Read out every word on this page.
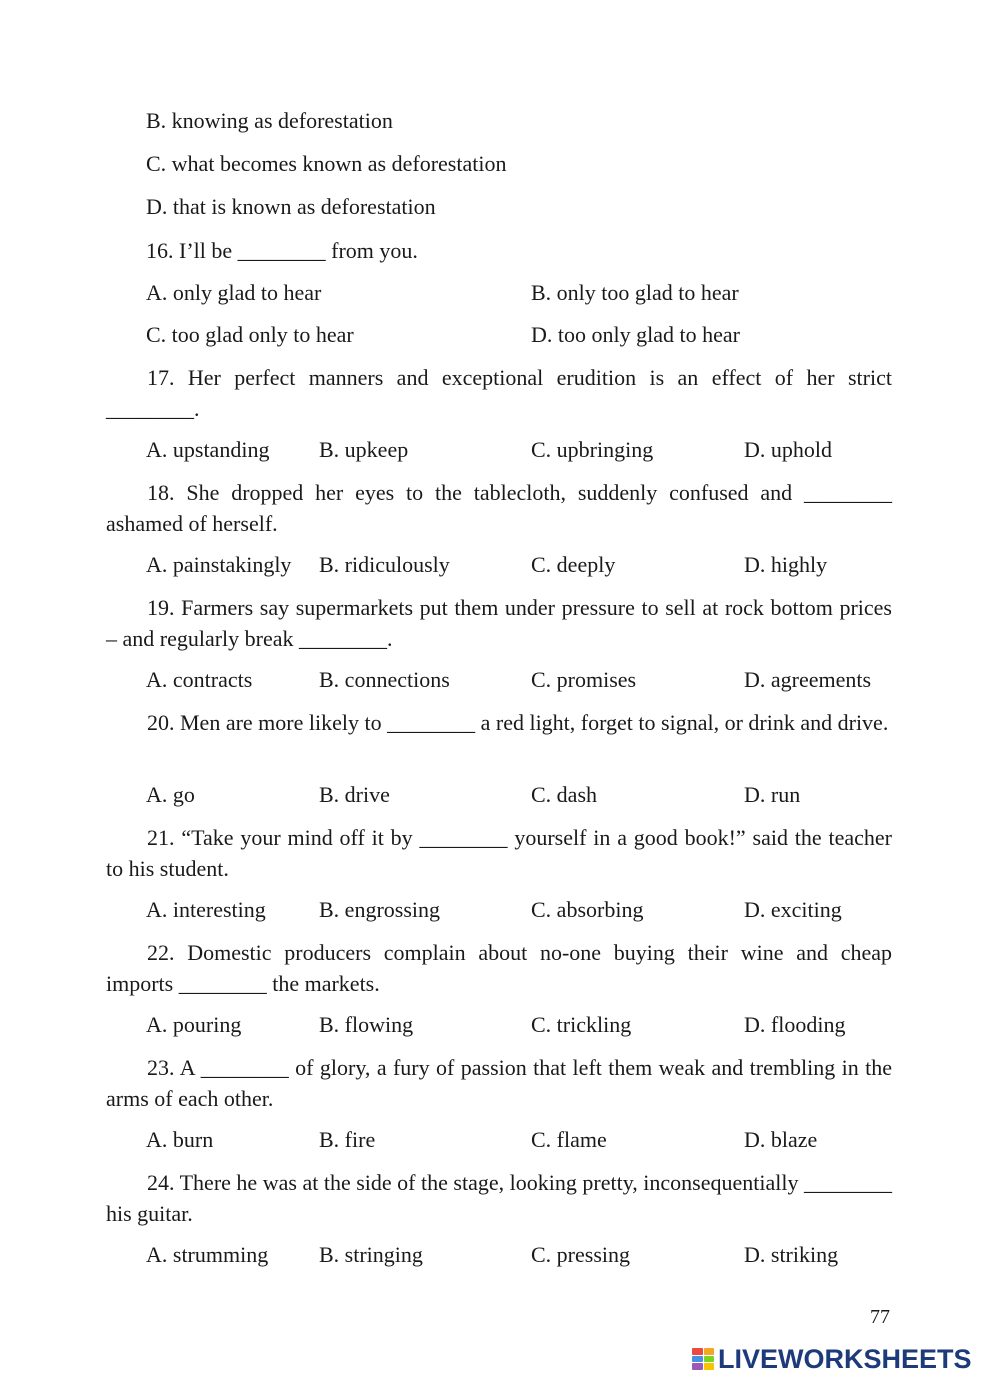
B. knowing as deforestation
C. what becomes known as deforestation
D. that is known as deforestation
16. I’ll be ________ from you.
A. only glad to hear	B. only too glad to hear
C. too glad only to hear	D. too only glad to hear
17. Her perfect manners and exceptional erudition is an effect of her strict ________.
A. upstanding B. upkeep	C. upbringing	D. uphold
18. She dropped her eyes to the tablecloth, suddenly confused and ________ ashamed of herself.
A. painstakingly B. ridiculously	C. deeply	D. highly
19. Farmers say supermarkets put them under pressure to sell at rock bottom prices – and regularly break ________.
A. contracts	B. connections	C. promises	D. agreements
20. Men are more likely to ________ a red light, forget to signal, or drink and drive.
A. go	B. drive	C. dash	D. run
21. “Take your mind off it by ________ yourself in a good book!” said the teacher to his student.
A. interesting B. engrossing	C. absorbing	D. exciting
22. Domestic producers complain about no-one buying their wine and cheap imports ________ the markets.
A. pouring	B. flowing	C. trickling	D. flooding
23. A ________ of glory, a fury of passion that left them weak and trembling in the arms of each other.
A. burn	B. fire	C. flame	D. blaze
24. There he was at the side of the stage, looking pretty, inconsequentially ________ his guitar.
A. strumming B. stringing	C. pressing	D. striking
77
LIVEWORKSHEETS
